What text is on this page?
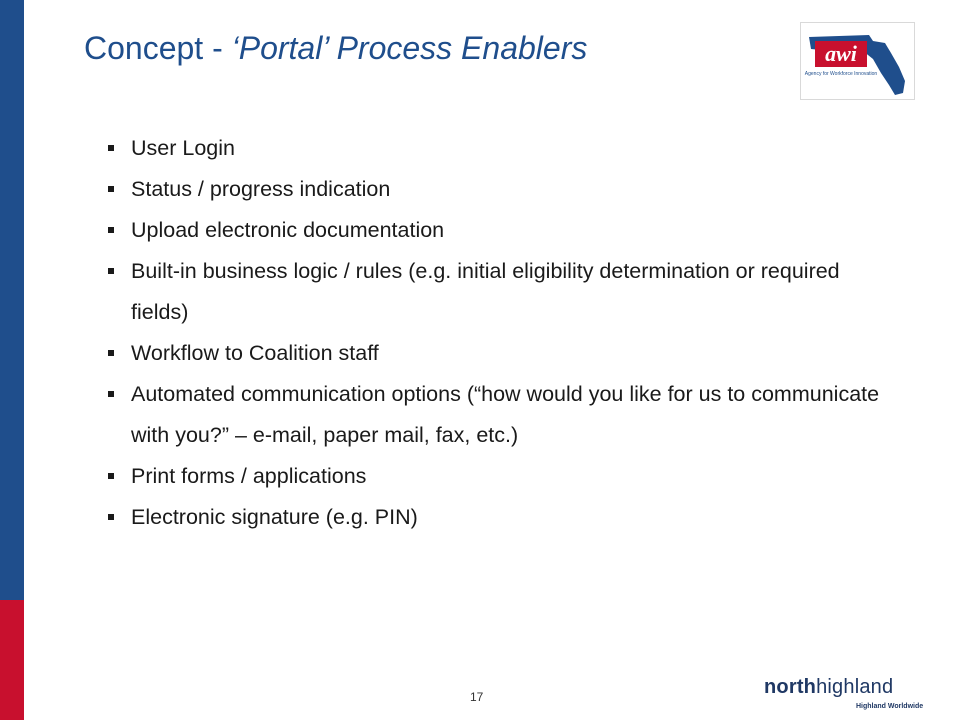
Concept - ‘Portal’ Process Enablers	awi
Agency for Workforce Innovation
User Login
Status / progress indication
Upload electronic documentation
Built-in business logic / rules (e.g. initial eligibility determination or required fields)
Workflow to Coalition staff
Automated communication options (“how would you like for us to communicate with you?” – e-mail, paper mail, fax, etc.)
Print forms / applications
Electronic signature (e.g. PIN)
17	northhighland
Highland Worldwide
